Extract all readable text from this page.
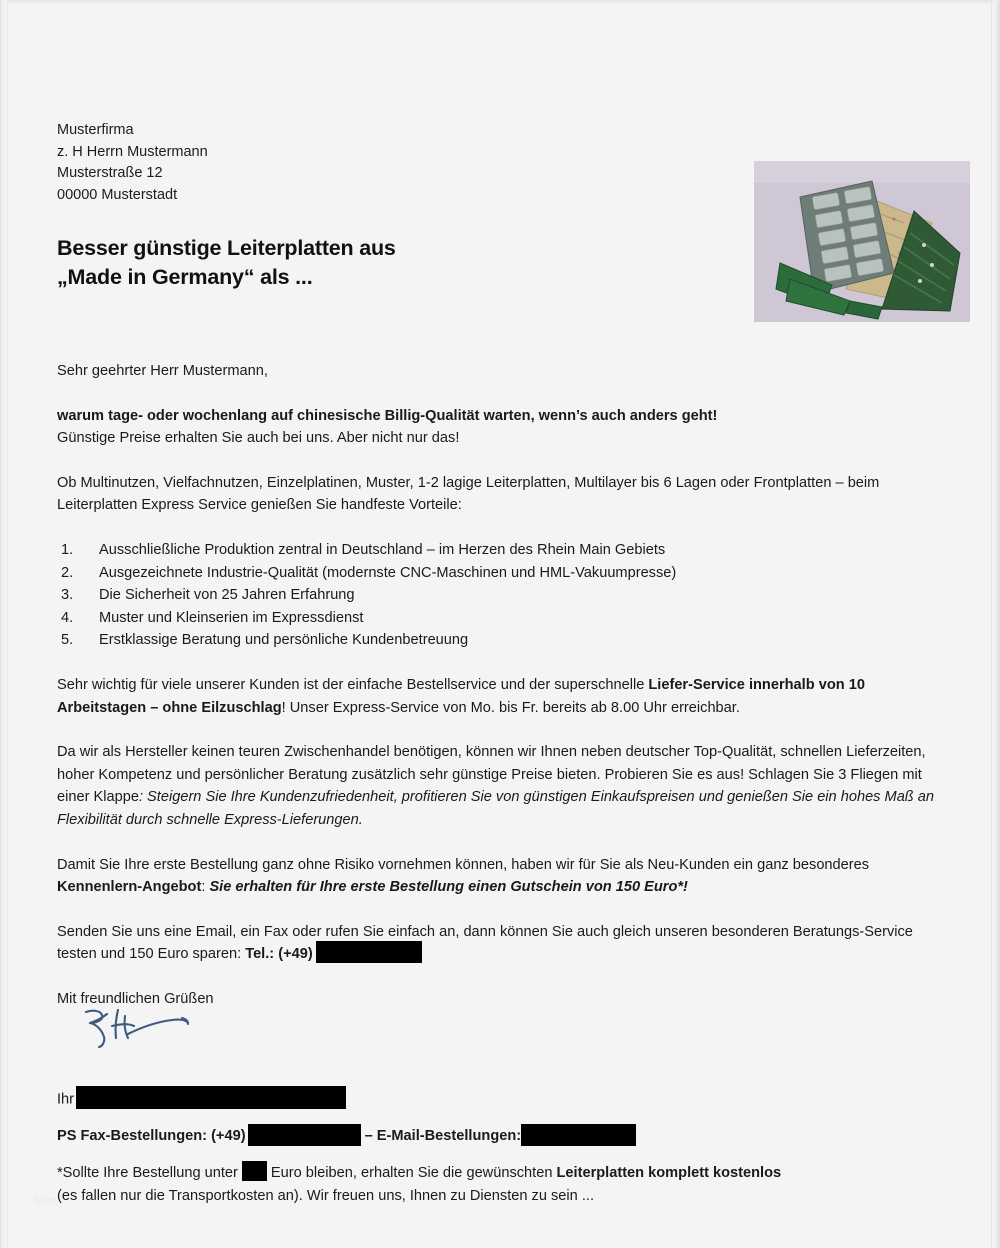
Musterfirma
z. H Herrn Mustermann
Musterstraße 12
00000 Musterstadt
Besser günstige Leiterplatten aus
„Made in Germany“ als ...

Sehr geehrter Herr Mustermann,

warum tage- oder wochenlang auf chinesische Billig-Qualität warten, wenn’s auch anders geht!

Günstige Preise erhalten Sie auch bei uns. Aber nicht nur das!

Ob Multinutzen, Vielfachnutzen, Einzelplatinen, Muster, 1-2 lagige Leiterplatten, Multilayer bis 6 Lagen oder Frontplatten – beim Leiterplatten Express Service genießen Sie handfeste Vorteile:

Ausschließliche Produktion zentral in Deutschland – im Herzen des Rhein Main Gebiets
Ausgezeichnete Industrie-Qualität (modernste CNC-Maschinen und HML-Vakuumpresse)
Die Sicherheit von 25 Jahren Erfahrung
Muster und Kleinserien im Expressdienst
Erstklassige Beratung und persönliche Kundenbetreuung

Sehr wichtig für viele unserer Kunden ist der einfache Bestellservice und der superschnelle Liefer-Service innerhalb von 10 Arbeitstagen – ohne Eilzuschlag! Unser Express-Service von Mo. bis Fr. bereits ab 8.00 Uhr erreichbar.

Da wir als Hersteller keinen teuren Zwischenhandel benötigen, können wir Ihnen neben deutscher Top-Qualität, schnellen Lieferzeiten, hoher Kompetenz und persönlicher Beratung zusätzlich sehr günstige Preise bieten. Probieren Sie es aus! Schlagen Sie 3 Fliegen mit einer Klappe: Steigern Sie Ihre Kundenzufriedenheit, profitieren Sie von günstigen Einkaufspreisen und genießen Sie ein hohes Maß an Flexibilität durch schnelle Express-Lieferungen.

Damit Sie Ihre erste Bestellung ganz ohne Risiko vornehmen können, haben wir für Sie als Neu-Kunden ein ganz besonderes Kennenlern-Angebot: Sie erhalten für Ihre erste Bestellung einen Gutschein von 150 Euro*!

Senden Sie uns eine Email, ein Fax oder rufen Sie einfach an, dann können Sie auch gleich unseren besonderen Beratungs-Service testen und 150 Euro sparen: Tel.: (+49)

Mit freundlichen Grüßen

Ihr

PS Fax-Bestellungen: (+49)	– E-Mail-Bestellungen:

*Sollte Ihre Bestellung unter Euro bleiben, erhalten Sie die gewünschten Leiterplatten komplett kostenlos
(es fallen nur die Transportkosten an). Wir freuen uns, Ihnen zu Diensten zu sein ...

blog
